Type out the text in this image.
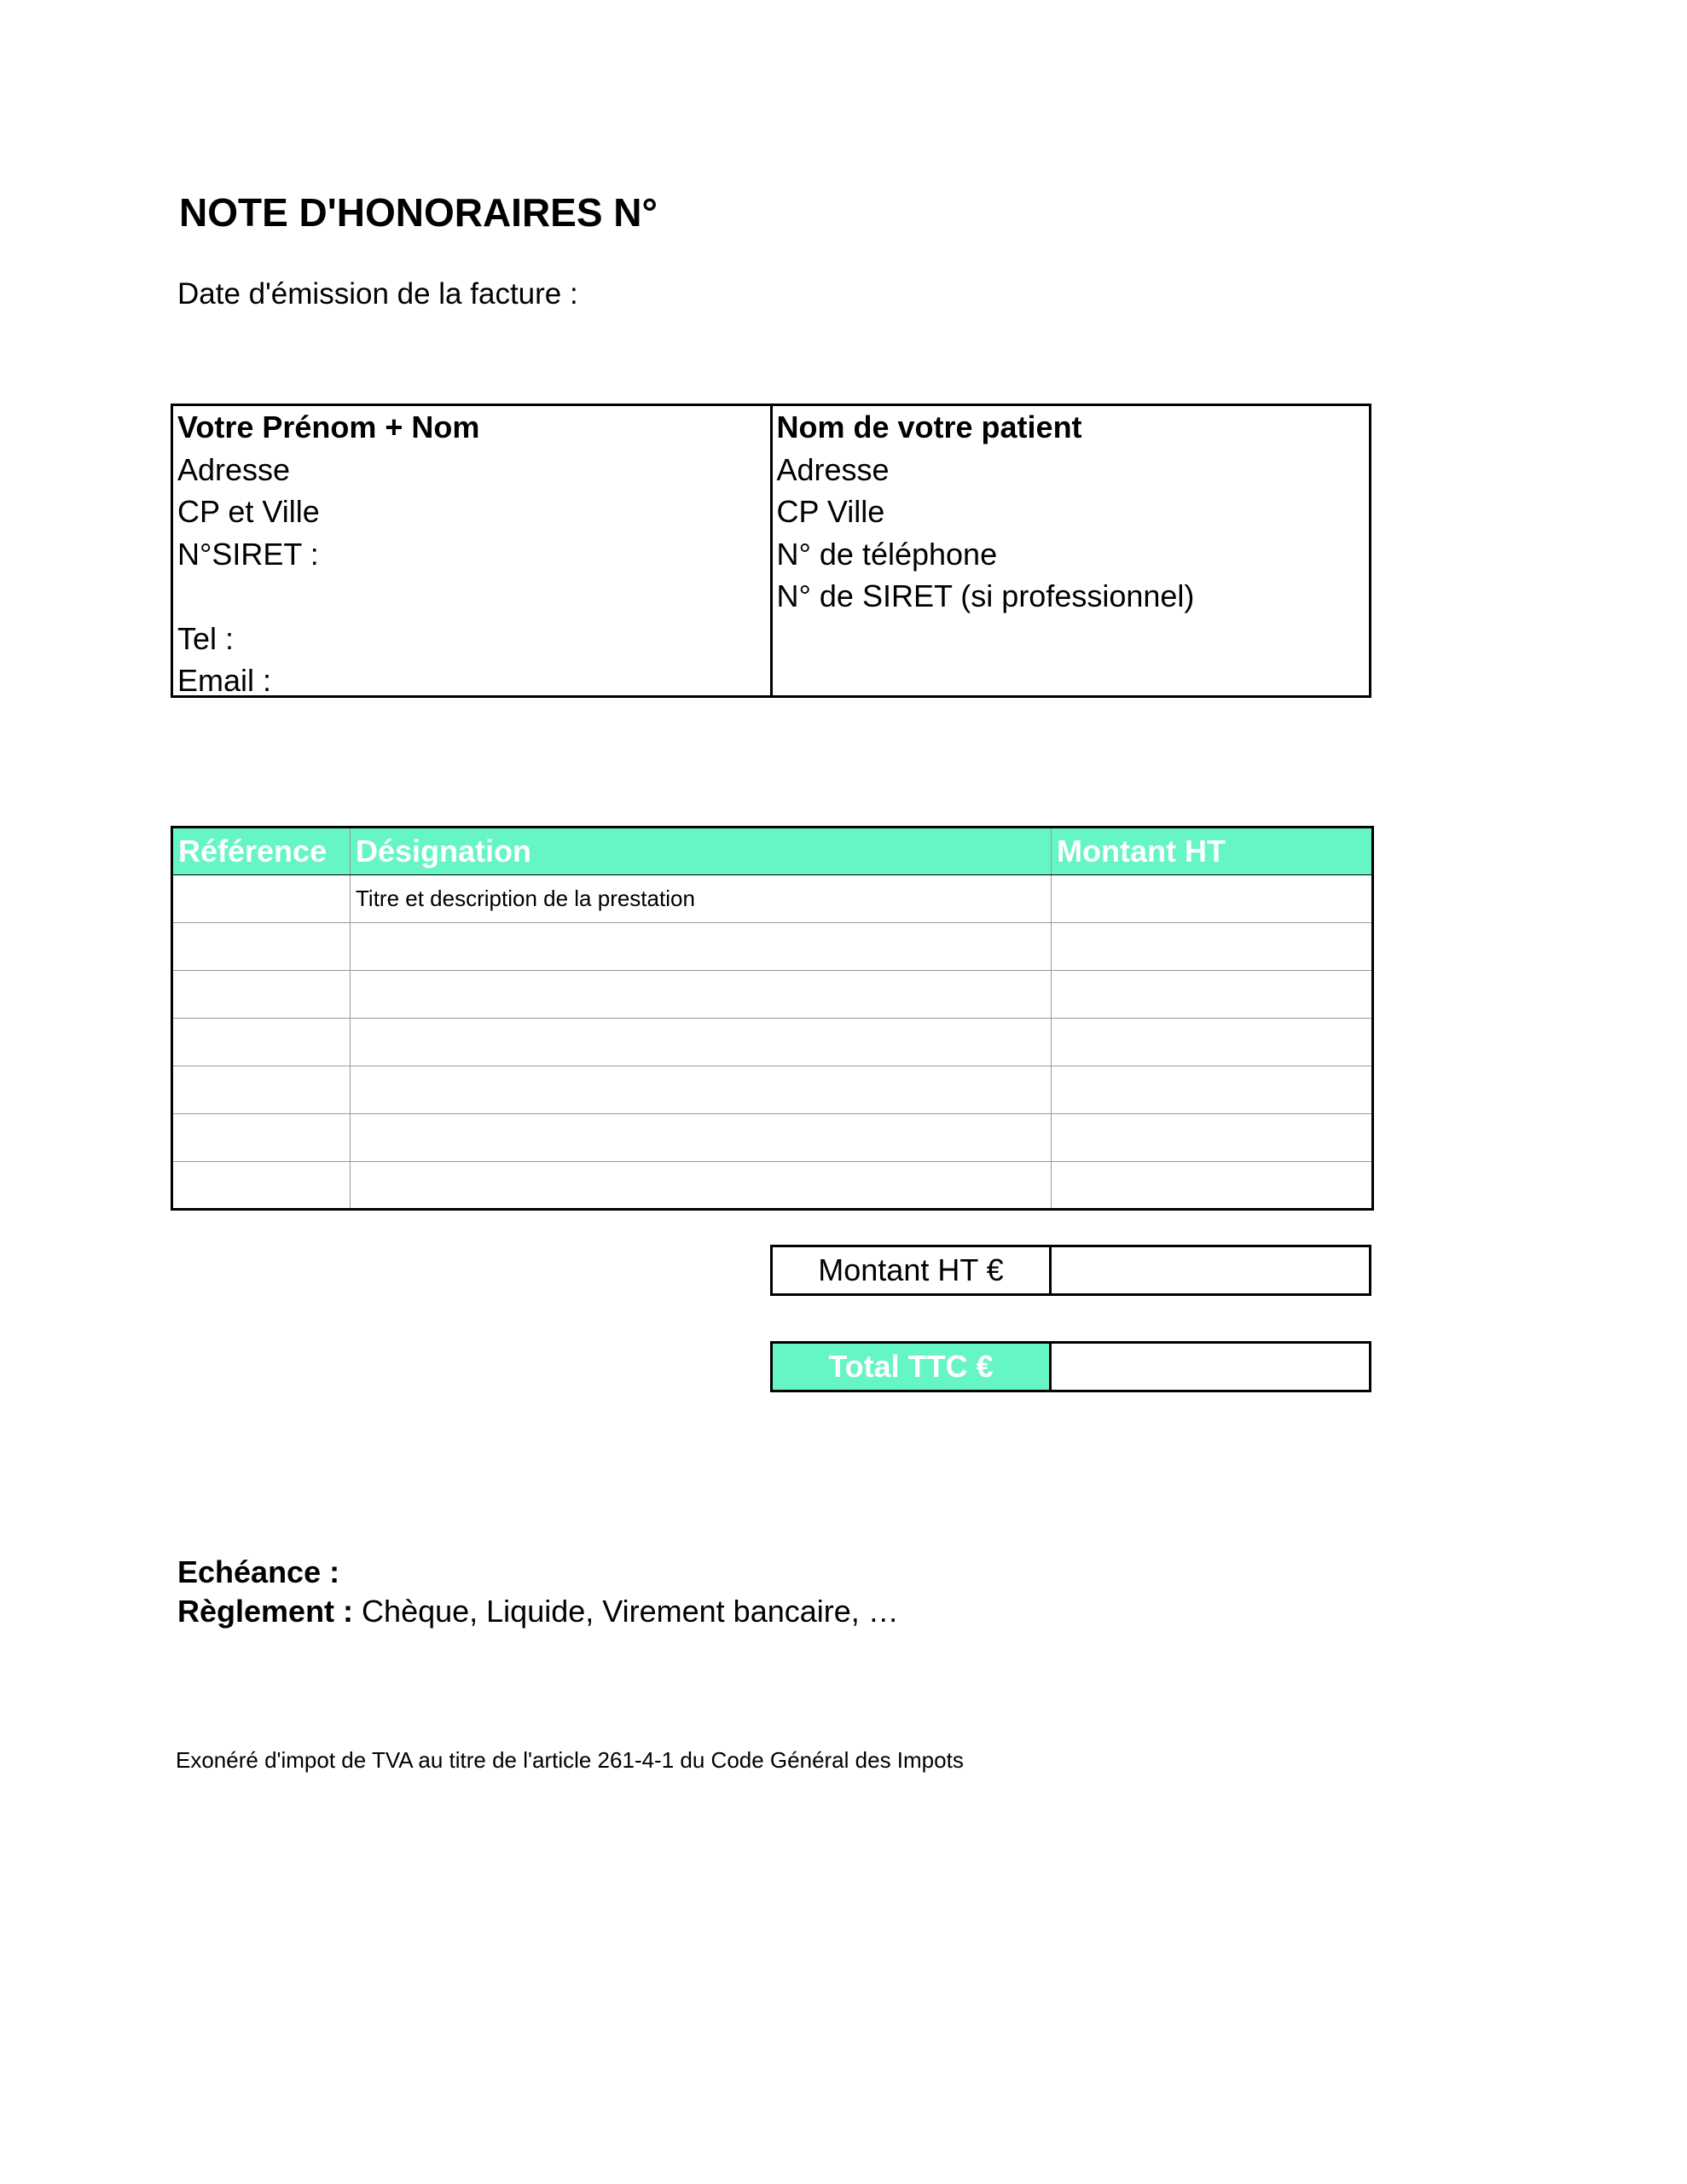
NOTE D'HONORAIRES N°
Date d'émission de la facture :
Votre Prénom + Nom
Adresse
CP et Ville
N°SIRET :
Tel :
Email :
Nom de votre patient
Adresse
CP Ville
N° de téléphone
N° de SIRET (si professionnel)
Référence	Désignation	Montant HT
	Titre et description de la prestation	

Montant HT €
Total TTC €
Echéance :
Règlement : Chèque, Liquide, Virement bancaire, …
Exonéré d'impot de TVA au titre de l'article 261-4-1 du Code Général des Impots
